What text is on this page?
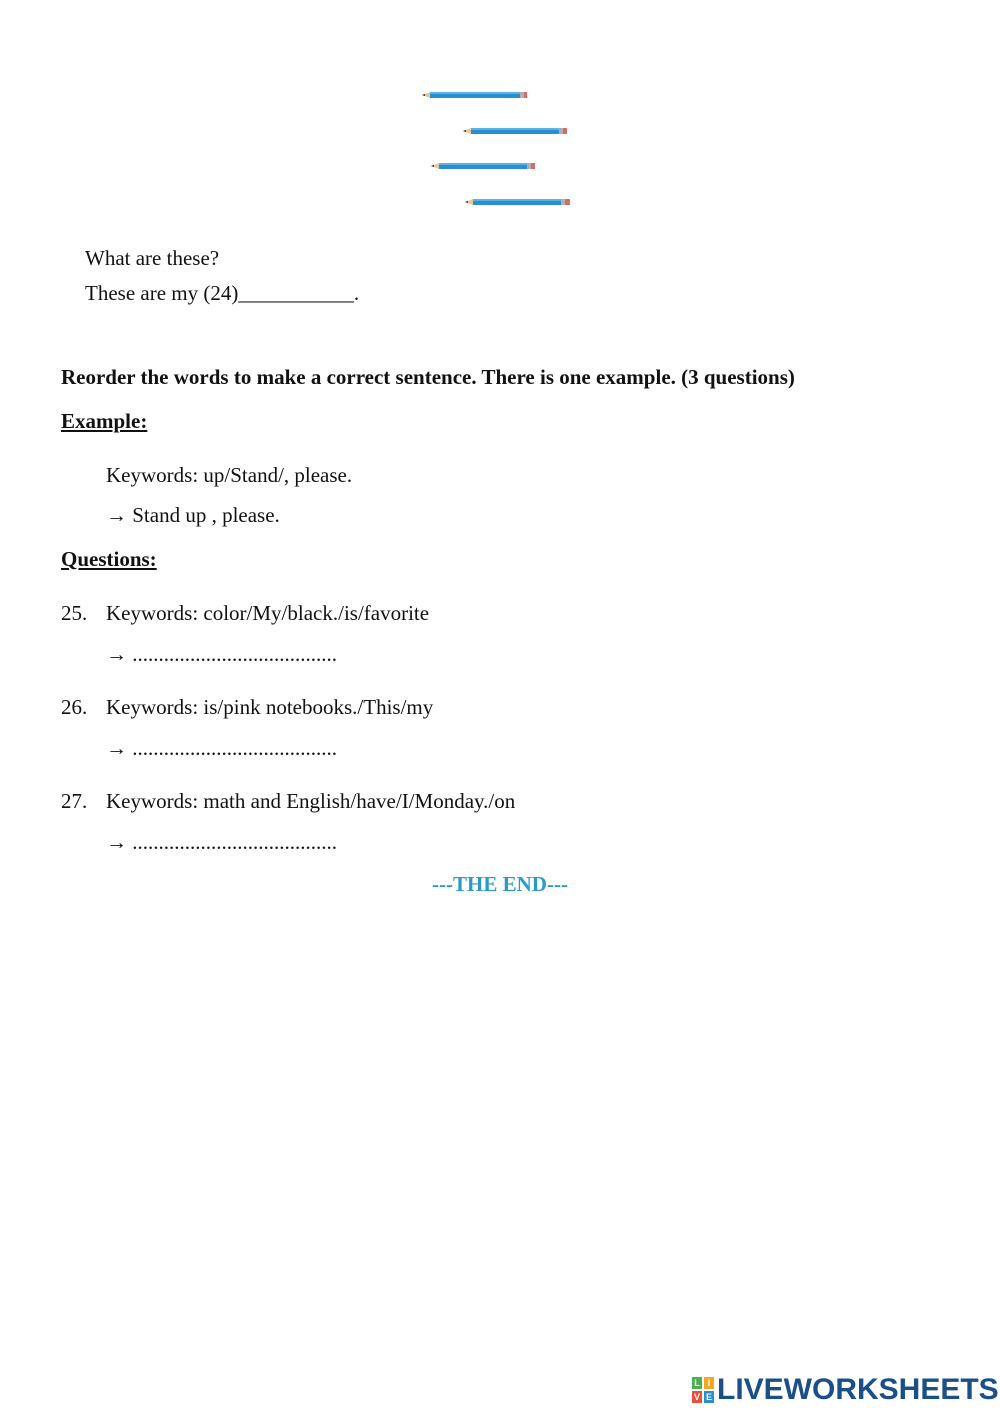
What are these?
These are my (24)___________.
Reorder the words to make a correct sentence. There is one example. (3 questions)
Example:
Keywords: up/Stand/, please.
→ Stand up , please.
Questions:
25. Keywords: color/My/black./is/favorite
→ .......................................
26. Keywords: is/pink notebooks./This/my
→ .......................................
27. Keywords: math and English/have/I/Monday./on
→ .......................................
---THE END---
L I
V E LIVEWORKSHEETS
